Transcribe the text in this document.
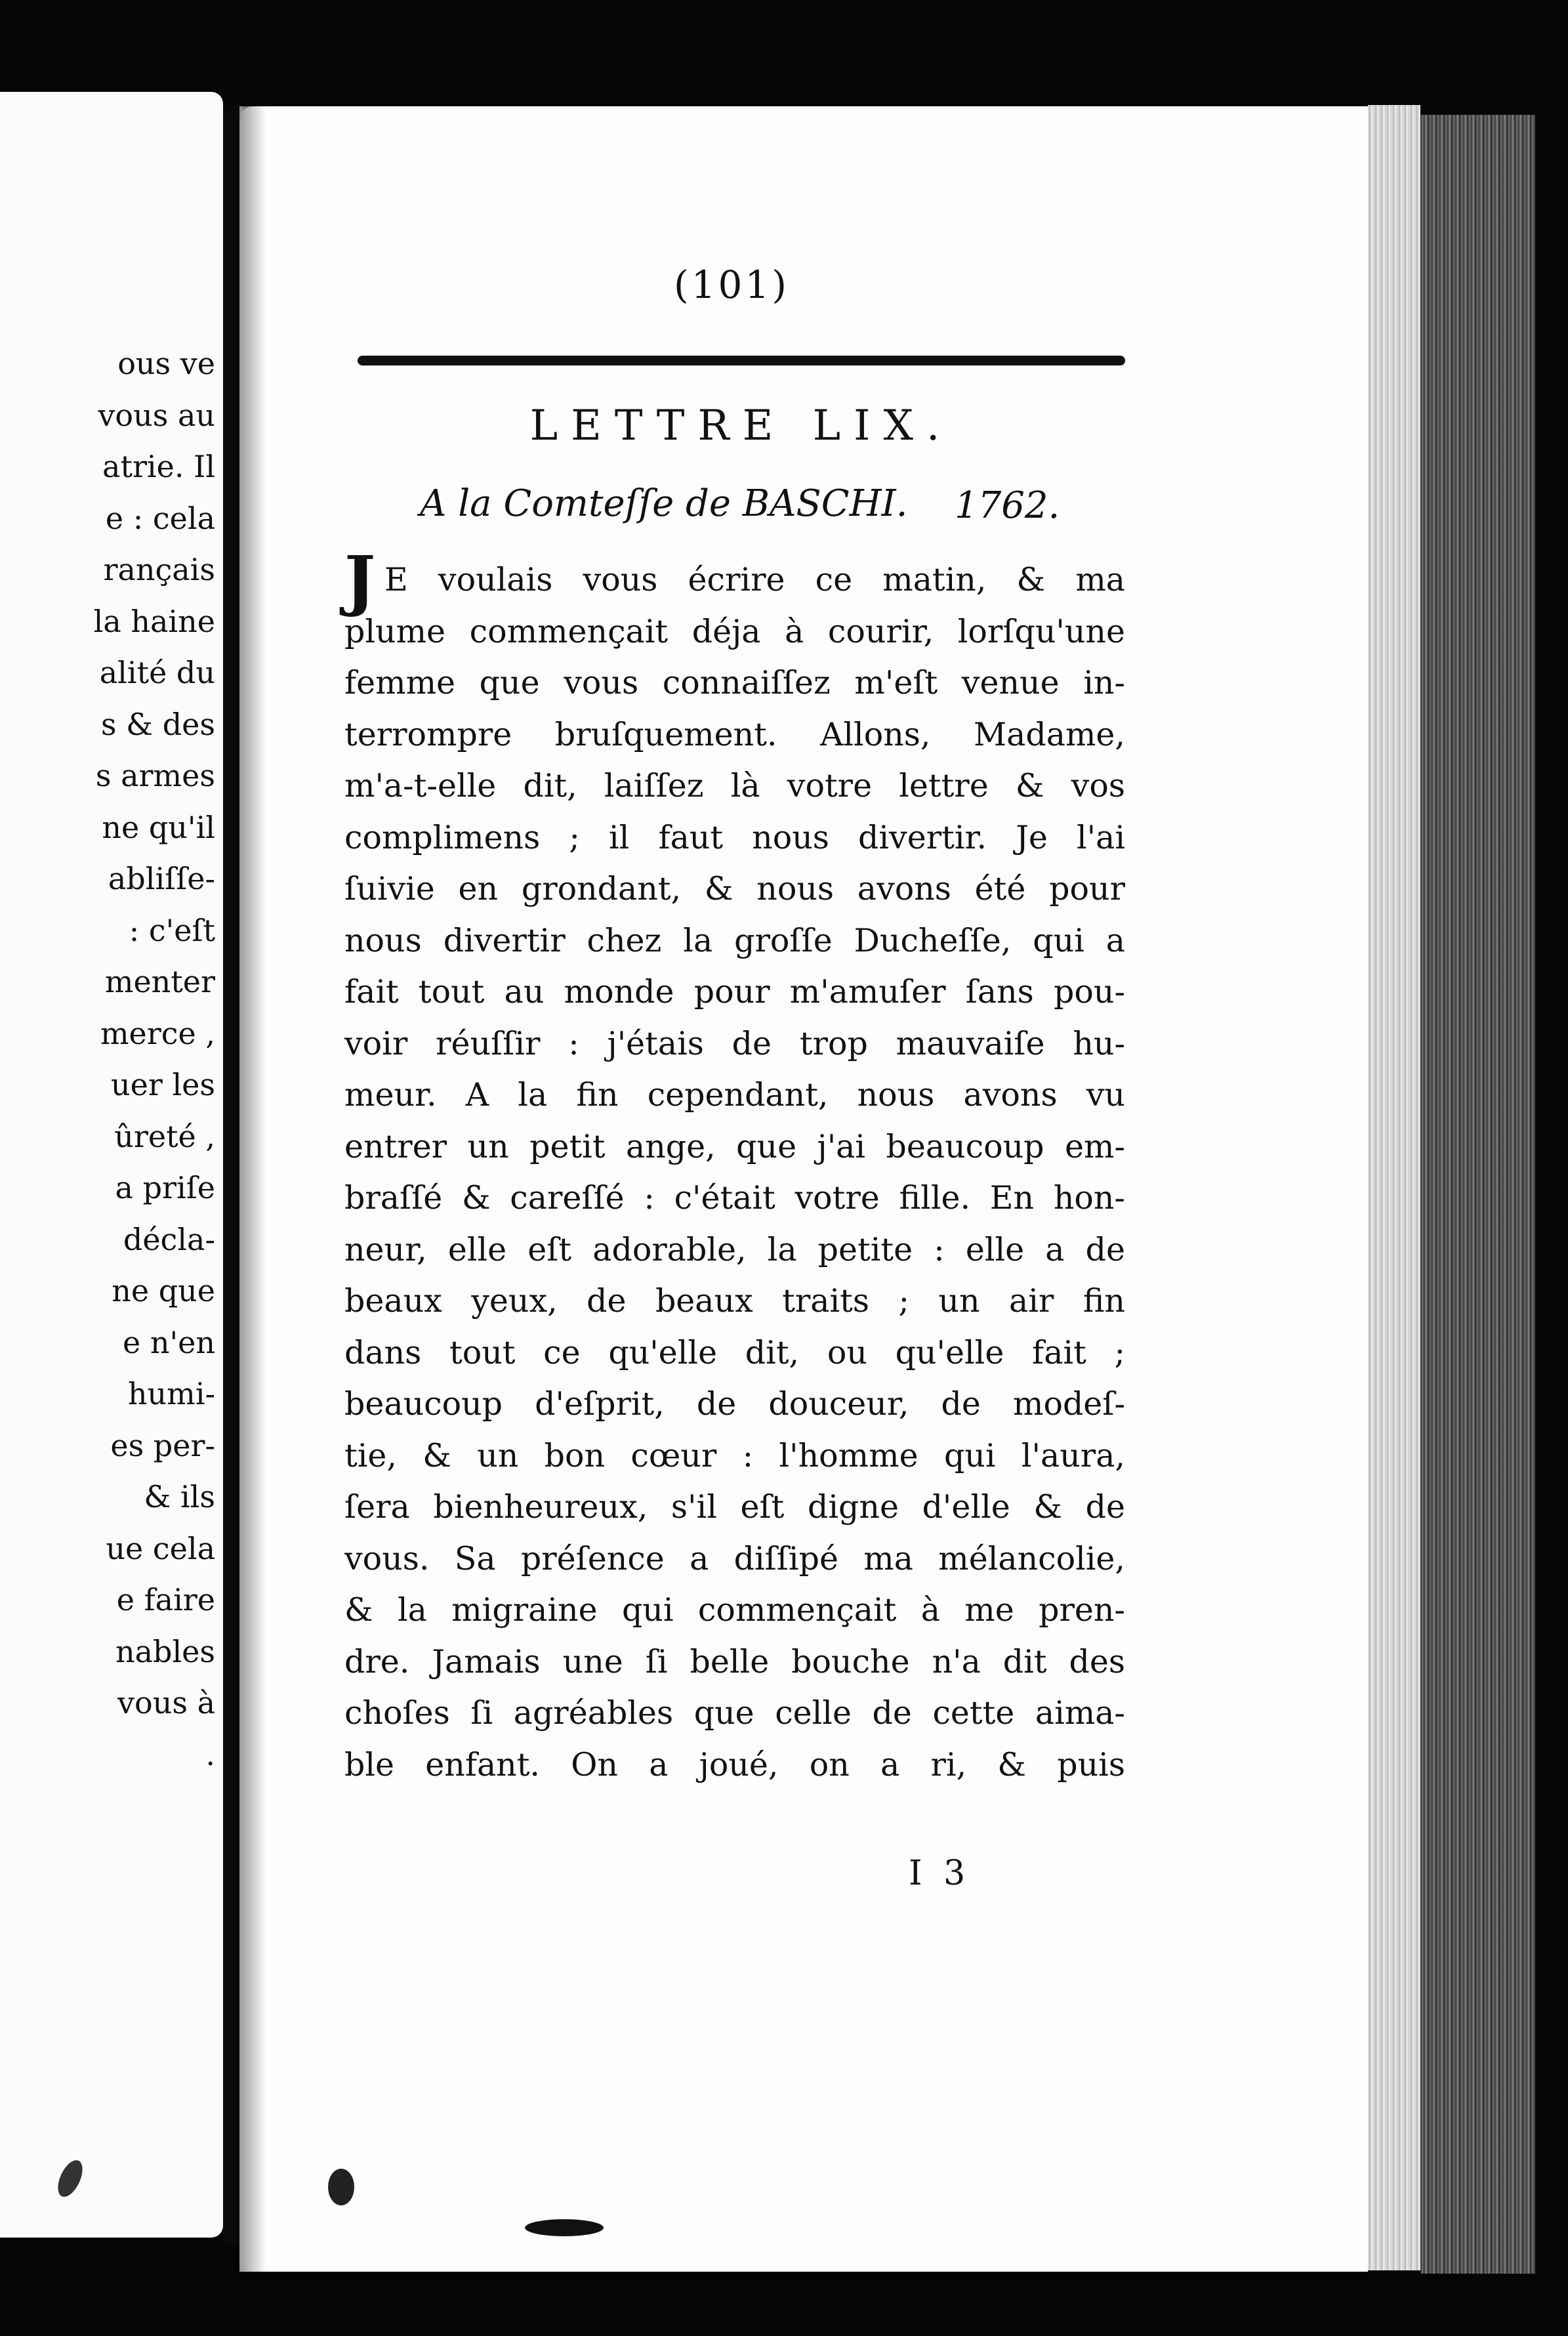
ous ve
vous au
atrie. Il
e : cela
rançais
la haine
alité du
s & des
s armes
ne qu'il
abliſſe-
: c'eſt
menter
merce ,
uer les
ûreté ,
a priſe
décla-
ne que
e n'en
humi-
es per-
& ils
ue cela
e faire
nables
vous à
.
(101)
LETTRE LIX.
A la Comteſſe de BASCHI. 1762.
J E voulais vous écrire ce matin, & ma
plume commençait déja à courir, lorſqu'une
femme que vous connaiſſez m'eſt venue in-
terrompre bruſquement. Allons, Madame,
m'a-t-elle dit, laiſſez là votre lettre & vos
complimens ; il faut nous divertir. Je l'ai
ſuivie en grondant, & nous avons été pour
nous divertir chez la groſſe Ducheſſe, qui a
fait tout au monde pour m'amuſer ſans pou-
voir réuſſir : j'étais de trop mauvaiſe hu-
meur. A la fin cependant, nous avons vu
entrer un petit ange, que j'ai beaucoup em-
braſſé & careſſé : c'était votre fille. En hon-
neur, elle eſt adorable, la petite : elle a de
beaux yeux, de beaux traits ; un air fin
dans tout ce qu'elle dit, ou qu'elle fait ;
beaucoup d'eſprit, de douceur, de modeſ-
tie, & un bon cœur : l'homme qui l'aura,
ſera bienheureux, s'il eſt digne d'elle & de
vous. Sa préſence a diſſipé ma mélancolie,
& la migraine qui commençait à me pren-
dre. Jamais une ſi belle bouche n'a dit des
choſes ſi agréables que celle de cette aima-
ble enfant. On a joué, on a ri, & puis
I 3
